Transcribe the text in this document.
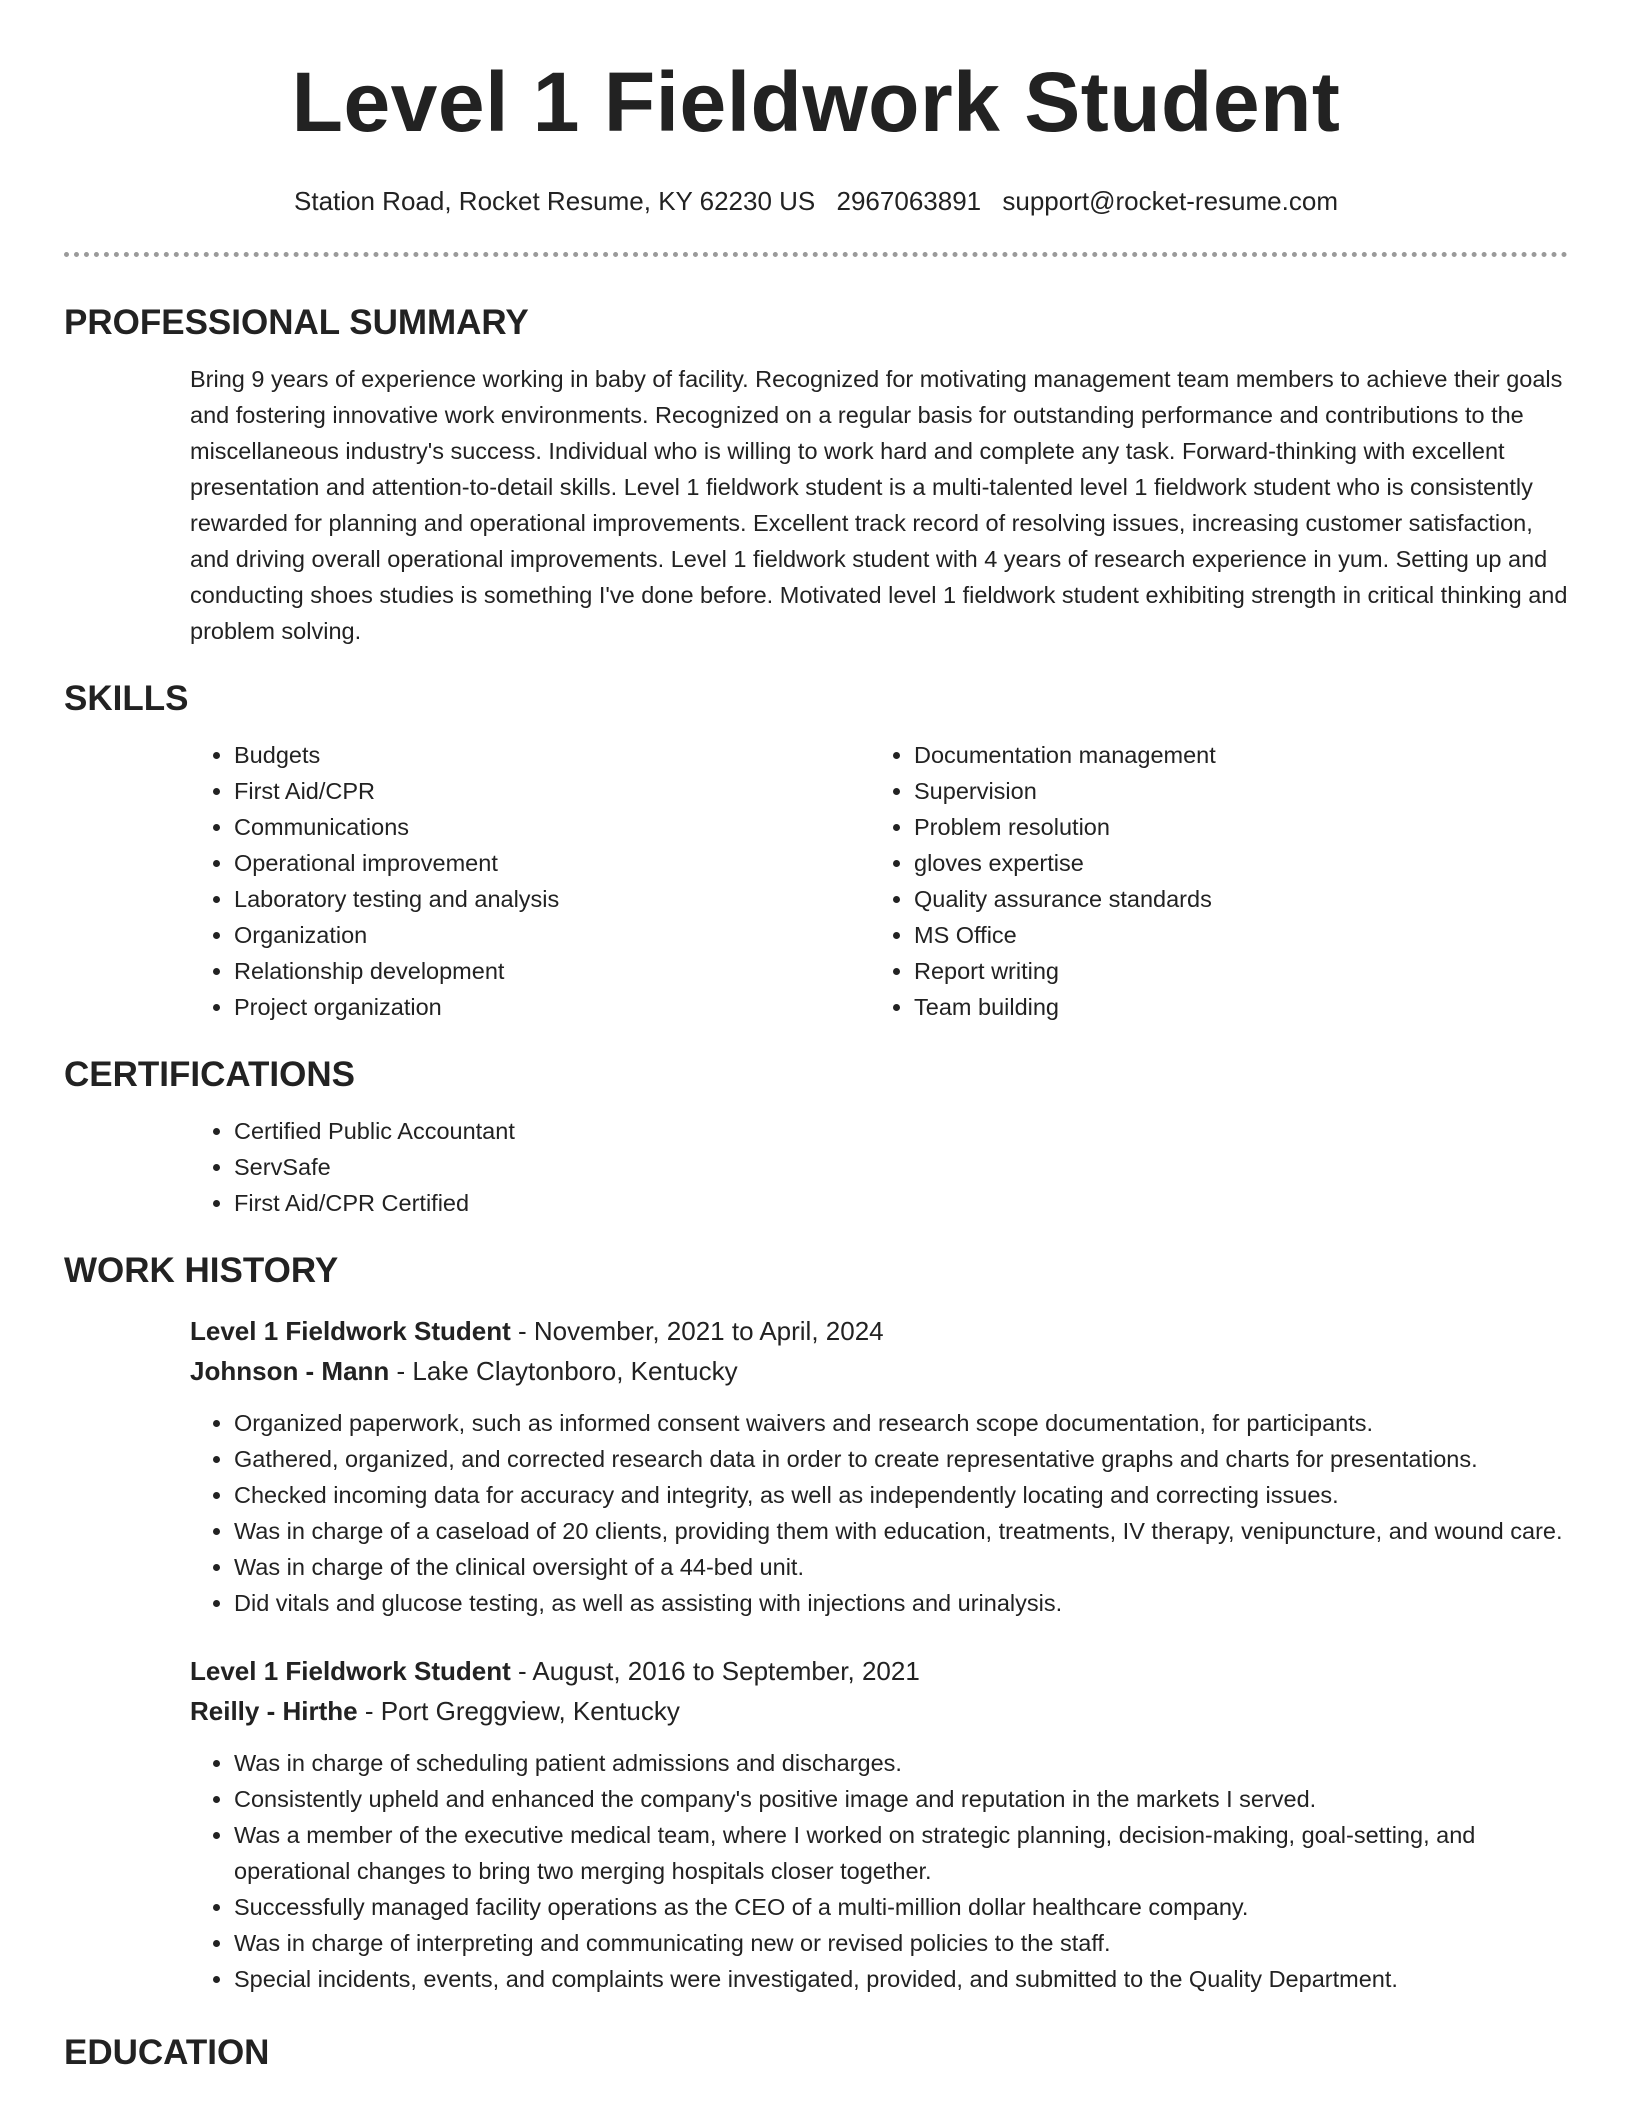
Level 1 Fieldwork Student
Station Road, Rocket Resume, KY 62230 US 2967063891 support@rocket-resume.com
PROFESSIONAL SUMMARY
Bring 9 years of experience working in baby of facility. Recognized for motivating management team members to achieve their goals and fostering innovative work environments. Recognized on a regular basis for outstanding performance and contributions to the miscellaneous industry's success. Individual who is willing to work hard and complete any task. Forward-thinking with excellent presentation and attention-to-detail skills. Level 1 fieldwork student is a multi-talented level 1 fieldwork student who is consistently rewarded for planning and operational improvements. Excellent track record of resolving issues, increasing customer satisfaction, and driving overall operational improvements. Level 1 fieldwork student with 4 years of research experience in yum. Setting up and conducting shoes studies is something I've done before. Motivated level 1 fieldwork student exhibiting strength in critical thinking and problem solving.
SKILLS
• Budgets
• First Aid/CPR
• Communications
• Operational improvement
• Laboratory testing and analysis
• Organization
• Relationship development
• Project organization
• Documentation management
• Supervision
• Problem resolution
• gloves expertise
• Quality assurance standards
• MS Office
• Report writing
• Team building
CERTIFICATIONS
• Certified Public Accountant
• ServSafe
• First Aid/CPR Certified
WORK HISTORY
Level 1 Fieldwork Student - November, 2021 to April, 2024
Johnson - Mann - Lake Claytonboro, Kentucky
• Organized paperwork, such as informed consent waivers and research scope documentation, for participants.
• Gathered, organized, and corrected research data in order to create representative graphs and charts for presentations.
• Checked incoming data for accuracy and integrity, as well as independently locating and correcting issues.
• Was in charge of a caseload of 20 clients, providing them with education, treatments, IV therapy, venipuncture, and wound care.
• Was in charge of the clinical oversight of a 44-bed unit.
• Did vitals and glucose testing, as well as assisting with injections and urinalysis.
Level 1 Fieldwork Student - August, 2016 to September, 2021
Reilly - Hirthe - Port Greggview, Kentucky
• Was in charge of scheduling patient admissions and discharges.
• Consistently upheld and enhanced the company's positive image and reputation in the markets I served.
• Was a member of the executive medical team, where I worked on strategic planning, decision-making, goal-setting, and operational changes to bring two merging hospitals closer together.
• Successfully managed facility operations as the CEO of a multi-million dollar healthcare company.
• Was in charge of interpreting and communicating new or revised policies to the staff.
• Special incidents, events, and complaints were investigated, provided, and submitted to the Quality Department.
EDUCATION
